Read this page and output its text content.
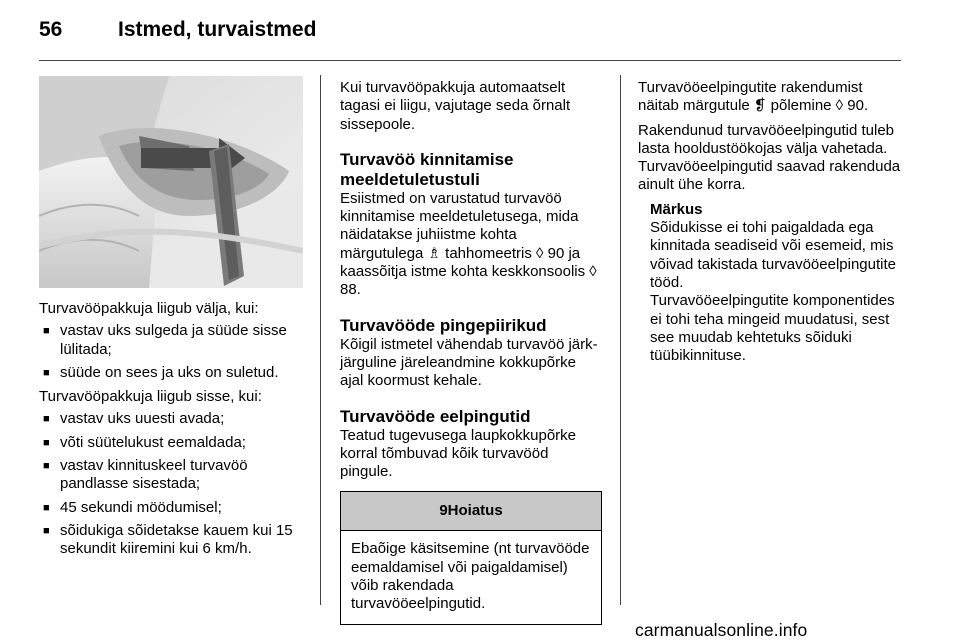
56	Istmed, turvaistmed

Turvavööpakkuja liigub välja, kui:

■ vastav uks sulgeda ja süüde sisse lülitada;
■ süüde on sees ja uks on suletud.

Turvavööpakkuja liigub sisse, kui:

■ vastav uks uuesti avada;
■ võti süütelukust eemaldada;
■ vastav kinnituskeel turvavöö pandlasse sisestada;
■ 45 sekundi möödumisel;
■ sõidukiga sõidetakse kauem kui 15 sekundit kiiremini kui 6 km/h.

Kui turvavööpakkuja automaatselt tagasi ei liigu, vajutage seda õrnalt sissepoole.

Turvavöö kinnitamise meeldetuletustuli

Esiistmed on varustatud turvavöö kinnitamise meeldetuletusega, mida näidatakse juhiistme kohta märgutulega ♗ tahhomeetris ◊ 90 ja kaassõitja istme kohta keskkonsoolis ◊ 88.

Turvavööde pingepiirikud

Kõigil istmetel vähendab turvavöö järk-järguline järeleandmine kokkupõrke ajal koormust kehale.

Turvavööde eelpingutid

Teatud tugevusega laupkokkupõrke korral tõmbuvad kõik turvavööd pingule.

9Hoiatus
Ebaõige käsitsemine (nt turvavööde eemaldamisel või paigaldamisel) võib rakendada turvavööeelpingutid.

Turvavööeelpingutite rakendumist näitab märgutule ❡ põlemine ◊ 90.

Rakendunud turvavööeelpingutid tuleb lasta hooldustöökojas välja vahetada. Turvavööeelpingutid saavad rakenduda ainult ühe korra.

Märkus
Sõidukisse ei tohi paigaldada ega kinnitada seadiseid või esemeid, mis võivad takistada turvavööeelpingutite tööd.
Turvavööeelpingutite komponentides ei tohi teha mingeid muudatusi, sest see muudab kehtetuks sõiduki tüübikinnituse.
carmanualsonline.info
